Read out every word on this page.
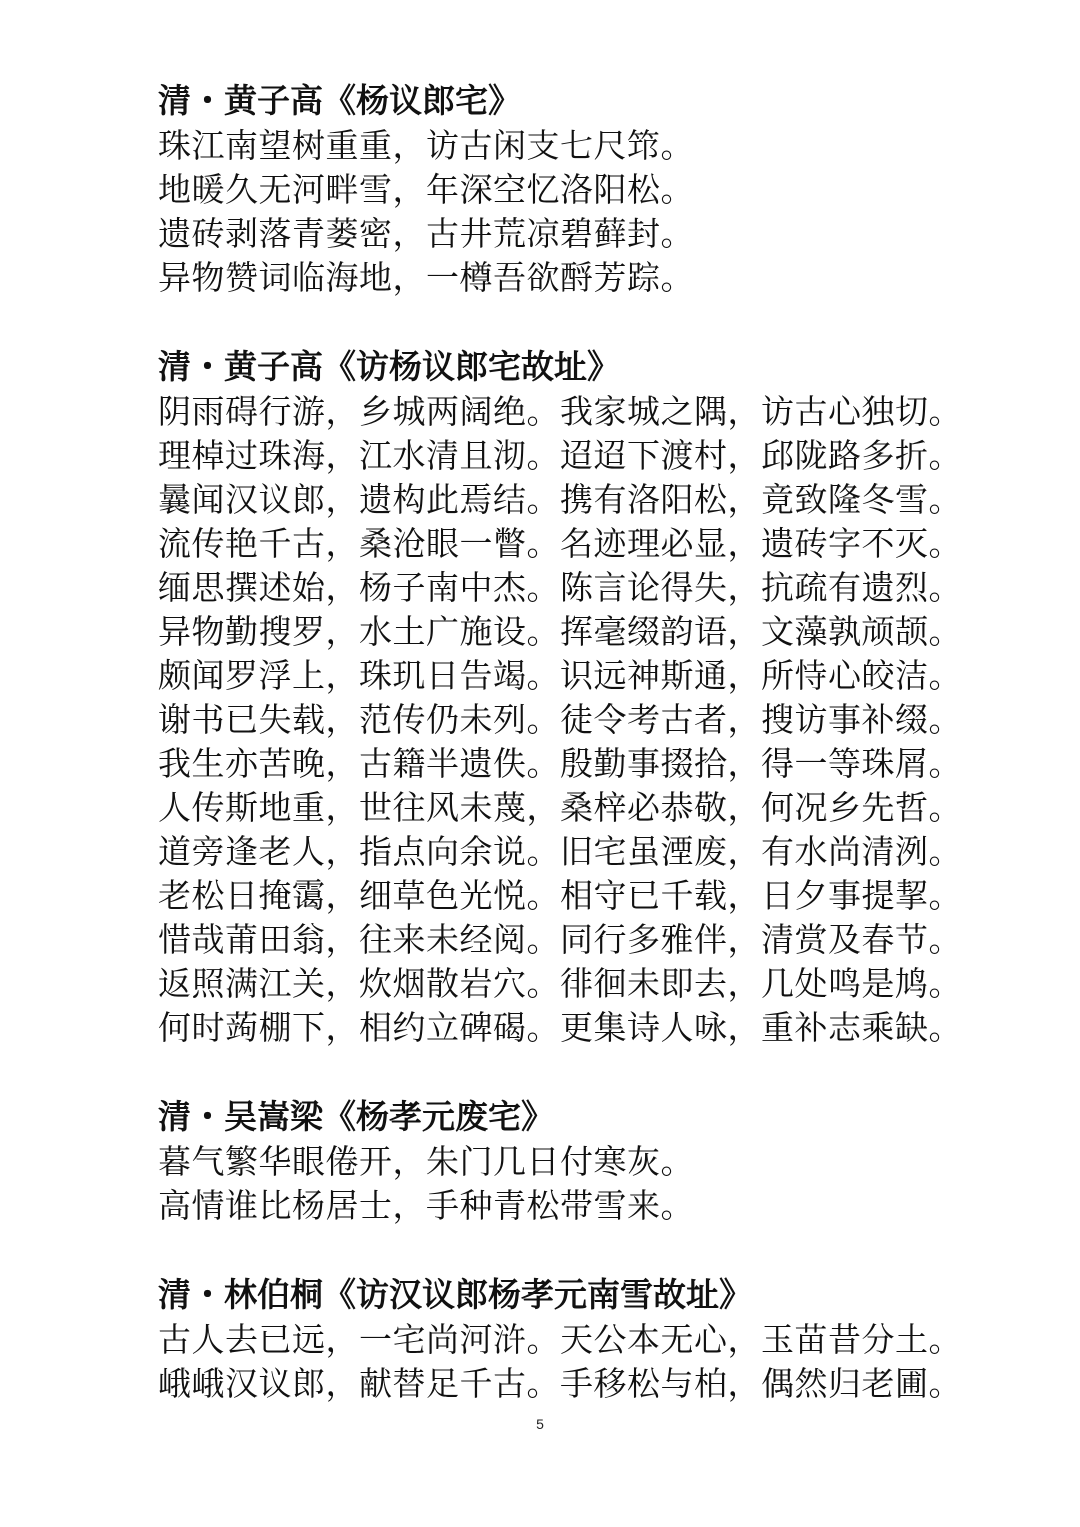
清・黄子高《杨议郎宅》
珠江南望树重重，访古闲支七尺筇。
地暖久无河畔雪，年深空忆洛阳松。
遗砖剥落青蒌密，古井荒凉碧藓封。
异物赞词临海地，一樽吾欲酹芳踪。
清・黄子高《访杨议郎宅故址》
阴雨碍行游，乡城两阔绝。我家城之隅，访古心独切。
理棹过珠海，江水清且沏。迢迢下渡村，邱陇路多折。
曩闻汉议郎，遗构此焉结。携有洛阳松，竟致隆冬雪。
流传艳千古，桑沧眼一瞥。名迹理必显，遗砖字不灭。
缅思撰述始，杨子南中杰。陈言论得失，抗疏有遗烈。
异物勤搜罗，水土广施设。挥毫缀韵语，文藻孰颃颉。
颇闻罗浮上，珠玑日告竭。识远神斯通，所恃心皎洁。
谢书已失载，范传仍未列。徒令考古者，搜访事补缀。
我生亦苦晚，古籍半遗佚。殷勤事掇拾，得一等珠屑。
人传斯地重，世往风未蔑，桑梓必恭敬，何况乡先哲。
道旁逢老人，指点向余说。旧宅虽湮废，有水尚清洌。
老松日掩霭，细草色光悦。相守已千载，日夕事提挈。
惜哉莆田翁，往来未经阅。同行多雅伴，清赏及春节。
返照满江关，炊烟散岩穴。徘徊未即去，几处鸣是鸠。
何时蒟棚下，相约立碑碣。更集诗人咏，重补志乘缺。
清・吴嵩梁《杨孝元废宅》
暮气繁华眼倦开，朱门几日付寒灰。
高情谁比杨居士，手种青松带雪来。
清・林伯桐《访汉议郎杨孝元南雪故址》
古人去已远，一宅尚河浒。天公本无心，玉苗昔分土。
峨峨汉议郎，献替足千古。手移松与柏，偶然归老圃。
5
